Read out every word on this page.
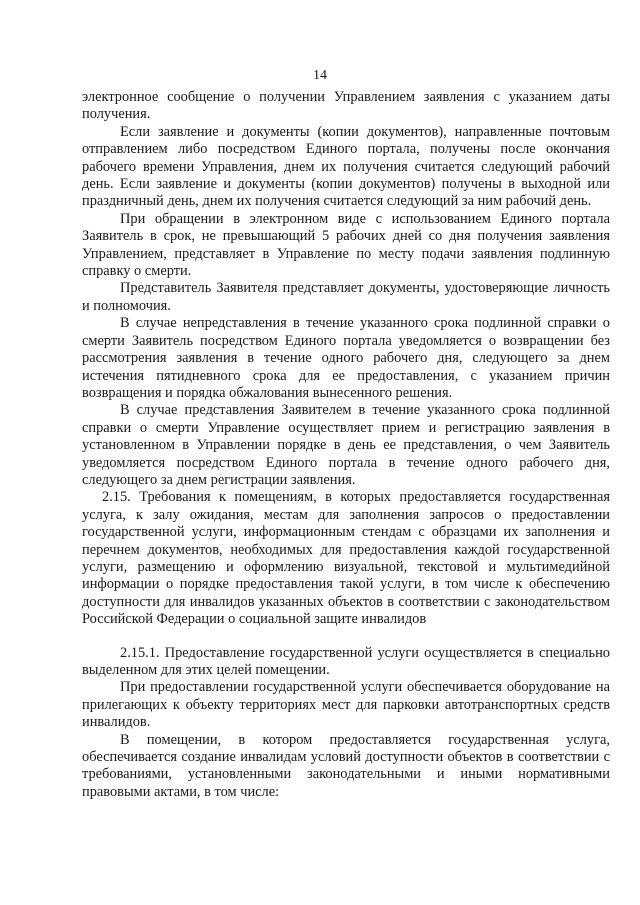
14

электронное сообщение о получении Управлением заявления с указанием даты получения.

Если заявление и документы (копии документов), направленные почтовым отправлением либо посредством Единого портала, получены после окончания рабочего времени Управления, днем их получения считается следующий рабочий день. Если заявление и документы (копии документов) получены в выходной или праздничный день, днем их получения считается следующий за ним рабочий день.

При обращении в электронном виде с использованием Единого портала Заявитель в срок, не превышающий 5 рабочих дней со дня получения заявления Управлением, представляет в Управление по месту подачи заявления подлинную справку о смерти.

Представитель Заявителя представляет документы, удостоверяющие личность и полномочия.

В случае непредставления в течение указанного срока подлинной справки о смерти Заявитель посредством Единого портала уведомляется о возвращении без рассмотрения заявления в течение одного рабочего дня, следующего за днем истечения пятидневного срока для ее предоставления, с указанием причин возвращения и порядка обжалования вынесенного решения.

В случае представления Заявителем в течение указанного срока подлинной справки о смерти Управление осуществляет прием и регистрацию заявления в установленном в Управлении порядке в день ее представления, о чем Заявитель уведомляется посредством Единого портала в течение одного рабочего дня, следующего за днем регистрации заявления.

2.15. Требования к помещениям, в которых предоставляется государственная услуга, к залу ожидания, местам для заполнения запросов о предоставлении государственной услуги, информационным стендам с образцами их заполнения и перечнем документов, необходимых для предоставления каждой государственной услуги, размещению и оформлению визуальной, текстовой и мультимедийной информации о порядке предоставления такой услуги, в том числе к обеспечению доступности для инвалидов указанных объектов в соответствии с законодательством Российской Федерации о социальной защите инвалидов

2.15.1. Предоставление государственной услуги осуществляется в специально выделенном для этих целей помещении.

При предоставлении государственной услуги обеспечивается оборудование на прилегающих к объекту территориях мест для парковки автотранспортных средств инвалидов.

В помещении, в котором предоставляется государственная услуга, обеспечивается создание инвалидам условий доступности объектов в соответствии с требованиями, установленными законодательными и иными нормативными правовыми актами, в том числе:
